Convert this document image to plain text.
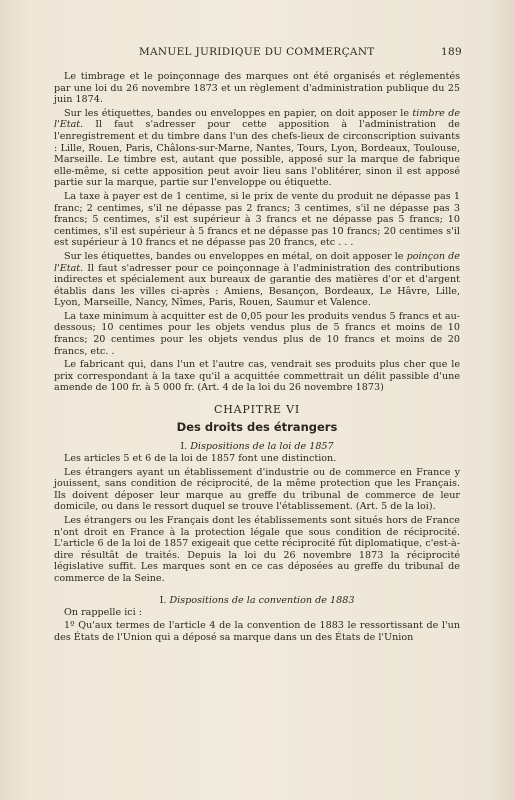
MANUEL JURIDIQUE DU COMMERÇANT	189

Le timbrage et le poinçonnage des marques ont été organisés et réglementés par une loi du 26 novembre 1873 et un règlement d'administration publique du 25 juin 1874.

Sur les étiquettes, bandes ou enveloppes en papier, on doit apposer le timbre de l'Etat. Il faut s'adresser pour cette apposition à l'administration de l'enregistrement et du timbre dans l'un des chefs-lieux de circonscription suivants : Lille, Rouen, Paris, Châlons-sur-Marne, Nantes, Tours, Lyon, Bordeaux, Toulouse, Marseille. Le timbre est, autant que possible, apposé sur la marque de fabrique elle-même, si cette apposition peut avoir lieu sans l'oblitérer, sinon il est apposé partie sur la marque, partie sur l'enveloppe ou étiquette.

La taxe à payer est de 1 centime, si le prix de vente du produit ne dépasse pas 1 franc; 2 centimes, s'il ne dépasse pas 2 francs; 3 centimes, s'il ne dépasse pas 3 francs; 5 centimes, s'il est supérieur à 3 francs et ne dépasse pas 5 francs; 10 centimes, s'il est supérieur à 5 francs et ne dépasse pas 10 francs; 20 centimes s'il est supérieur à 10 francs et ne dépasse pas 20 francs, etc . . .

Sur les étiquettes, bandes ou enveloppes en métal, on doit apposer le poinçon de l'Etat. Il faut s'adresser pour ce poinçonnage à l'administration des contributions indirectes et spécialement aux bureaux de garantie des matières d'or et d'argent établis dans les villes ci-après : Amiens, Besançon, Bordeaux, Le Hâvre, Lille, Lyon, Marseille, Nancy, Nîmes, Paris, Rouen, Saumur et Valence.

La taxe minimum à acquitter est de 0,05 pour les produits vendus 5 francs et au-dessous; 10 centimes pour les objets vendus plus de 5 francs et moins de 10 francs; 20 centimes pour les objets vendus plus de 10 francs et moins de 20 francs, etc. .

Le fabricant qui, dans l'un et l'autre cas, vendrait ses produits plus cher que le prix correspondant à la taxe qu'il a acquittée commettrait un délit passible d'une amende de 100 fr. à 5 000 fr. (Art. 4 de la loi du 26 novembre 1873)

CHAPITRE VI
Des droits des étrangers
I. Dispositions de la loi de 1857

Les articles 5 et 6 de la loi de 1857 font une distinction.

Les étrangers ayant un établissement d'industrie ou de commerce en France y jouissent, sans condition de réciprocité, de la même protection que les Français. Ils doivent déposer leur marque au greffe du tribunal de commerce de leur domicile, ou dans le ressort duquel se trouve l'établissement. (Art. 5 de la loi).

Les étrangers ou les Français dont les établissements sont situés hors de France n'ont droit en France à la protection légale que sous condition de réciprocité. L'article 6 de la loi de 1857 exigeait que cette réciprocité fût diplomatique, c'est-à-dire résultât de traités. Depuis la loi du 26 novembre 1873 la réciprocité législative suffit. Les marques sont en ce cas déposées au greffe du tribunal de commerce de la Seine.

I. Dispositions de la convention de 1883

On rappelle ici :

1º Qu'aux termes de l'article 4 de la convention de 1883 le ressortissant de l'un des États de l'Union qui a déposé sa marque dans un des États de l'Union
